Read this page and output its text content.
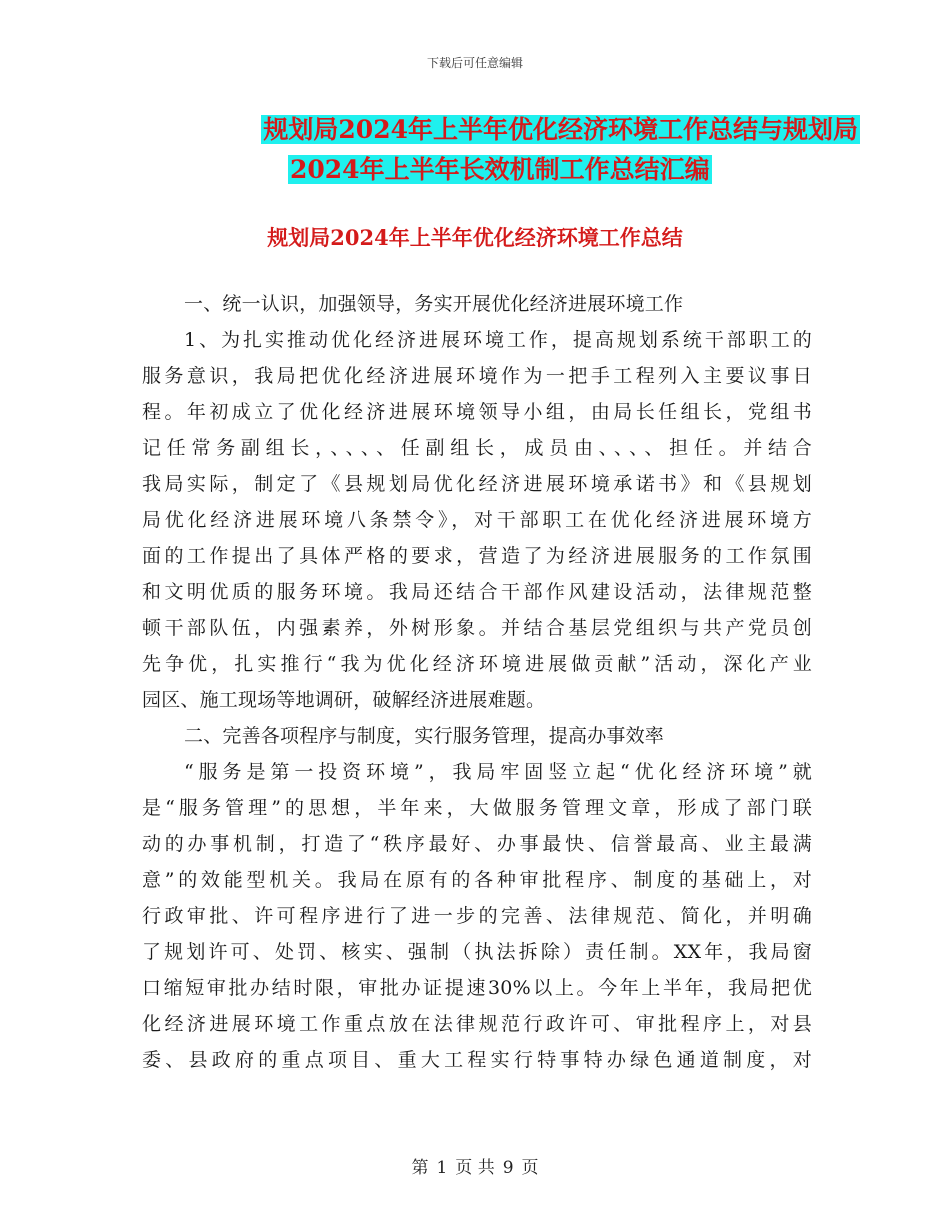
下载后可任意编辑
规划局2024年上半年优化经济环境工作总结与规划局
2024年上半年长效机制工作总结汇编
规划局2024年上半年优化经济环境工作总结
一、统一认识，加强领导，务实开展优化经济进展环境工作
1、为扎实推动优化经济进展环境工作，提高规划系统干部职工的
服务意识，我局把优化经济进展环境作为一把手工程列入主要议事日
程。年初成立了优化经济进展环境领导小组，由局长任组长，党组书
记任常务副组长，、、、、任副组长，成员由、、、、担任。并结合
我局实际，制定了《县规划局优化经济进展环境承诺书》和《县规划
局优化经济进展环境八条禁令》，对干部职工在优化经济进展环境方
面的工作提出了具体严格的要求，营造了为经济进展服务的工作氛围
和文明优质的服务环境。我局还结合干部作风建设活动，法律规范整
顿干部队伍，内强素养，外树形象。并结合基层党组织与共产党员创
先争优，扎实推行“我为优化经济环境进展做贡献”活动，深化产业
园区、施工现场等地调研，破解经济进展难题。
二、完善各项程序与制度，实行服务管理，提高办事效率
“服务是第一投资环境”，我局牢固竖立起“优化经济环境”就
是“服务管理”的思想，半年来，大做服务管理文章，形成了部门联
动的办事机制，打造了“秩序最好、办事最快、信誉最高、业主最满
意”的效能型机关。我局在原有的各种审批程序、制度的基础上，对
行政审批、许可程序进行了进一步的完善、法律规范、简化，并明确
了规划许可、处罚、核实、强制（执法拆除）责任制。XX年，我局窗
口缩短审批办结时限，审批办证提速30%以上。今年上半年，我局把优
化经济进展环境工作重点放在法律规范行政许可、审批程序上，对县
委、县政府的重点项目、重大工程实行特事特办绿色通道制度，对
第 1 页 共 9 页
